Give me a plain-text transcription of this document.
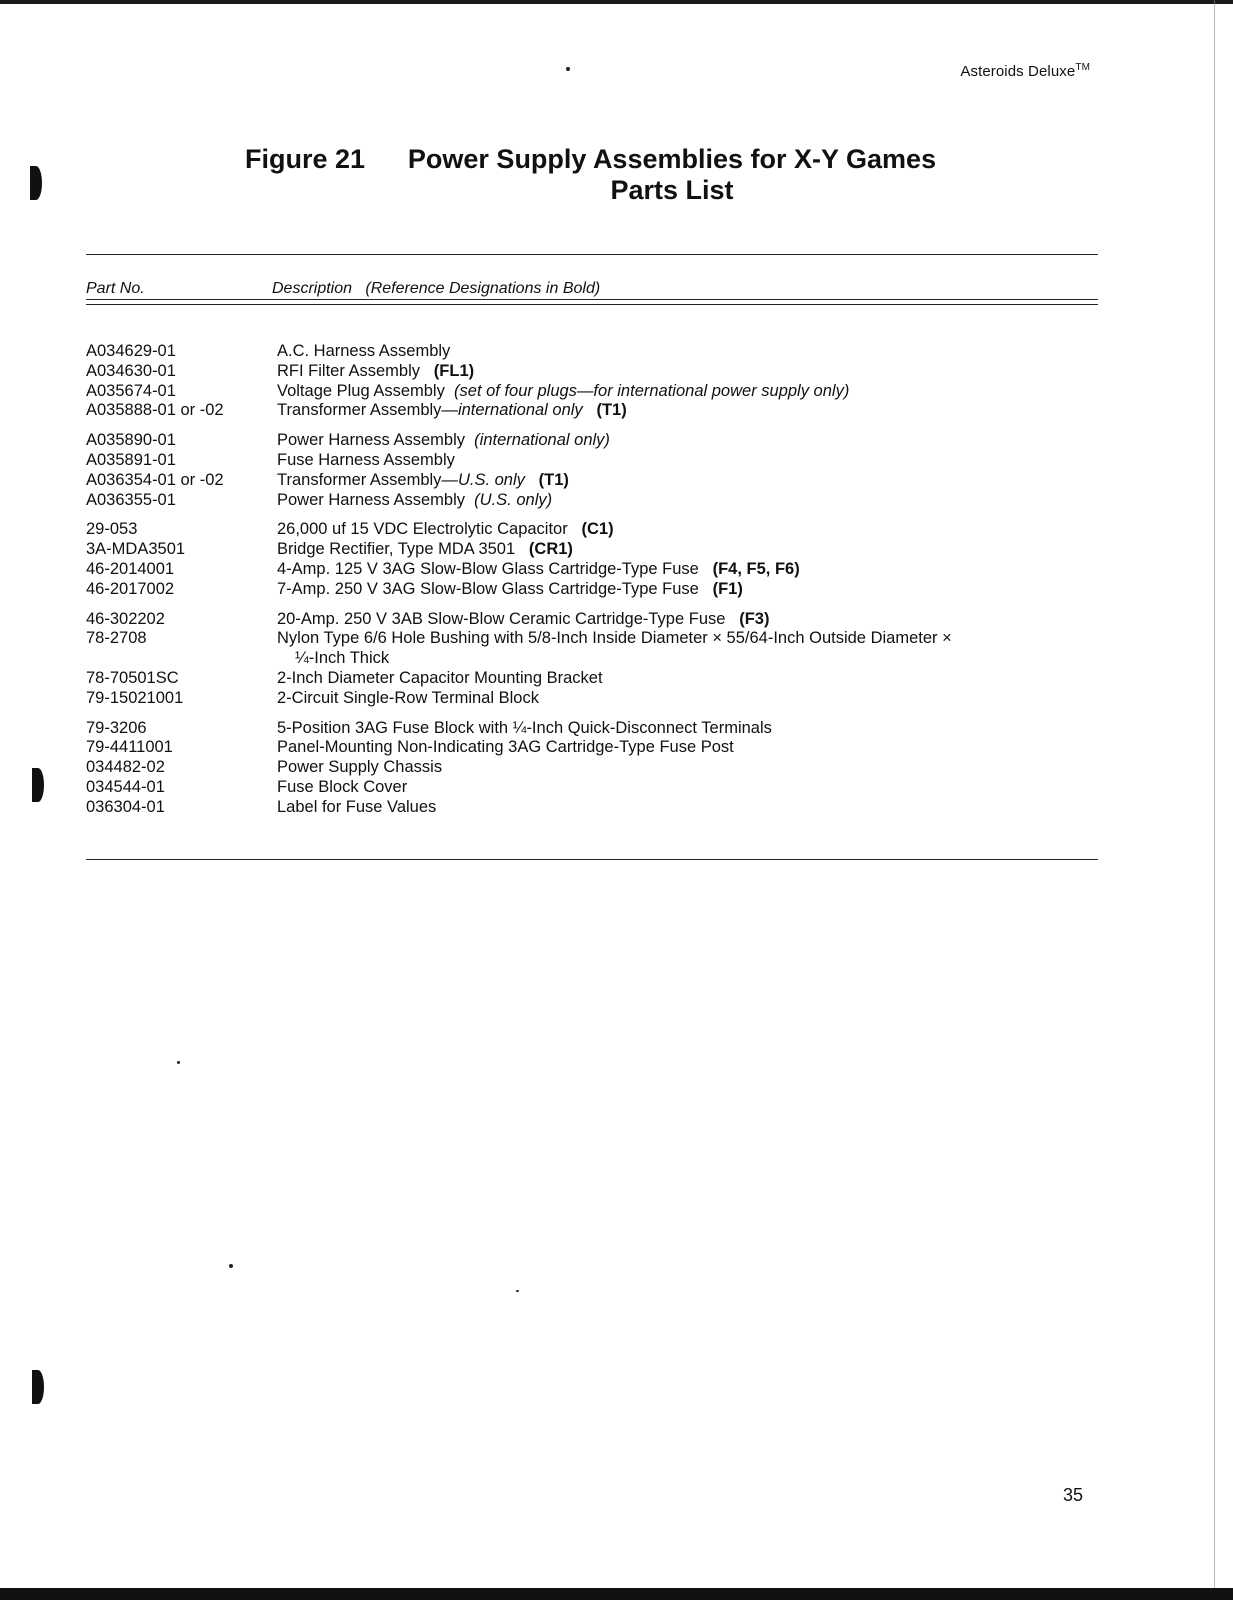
Asteroids Deluxe™
Figure 21 Power Supply Assemblies for X-Y Games
Parts List
Part No.	Description (Reference Designations in Bold)
A034629-01	A.C. Harness Assembly
A034630-01	RFI Filter Assembly (FL1)
A035674-01	Voltage Plug Assembly (set of four plugs—for international power supply only)
A035888-01 or -02	Transformer Assembly—international only (T1)
A035890-01	Power Harness Assembly (international only)
A035891-01	Fuse Harness Assembly
A036354-01 or -02	Transformer Assembly—U.S. only (T1)
A036355-01	Power Harness Assembly (U.S. only)
29-053	26,000 uf 15 VDC Electrolytic Capacitor (C1)
3A-MDA3501	Bridge Rectifier, Type MDA 3501 (CR1)
46-2014001	4-Amp. 125 V 3AG Slow-Blow Glass Cartridge-Type Fuse (F4, F5, F6)
46-2017002	7-Amp. 250 V 3AG Slow-Blow Glass Cartridge-Type Fuse (F1)
46-302202	20-Amp. 250 V 3AB Slow-Blow Ceramic Cartridge-Type Fuse (F3)
78-2708	Nylon Type 6/6 Hole Bushing with 5/8-Inch Inside Diameter × 55/64-Inch Outside Diameter ×
¼-Inch Thick
78-70501SC	2-Inch Diameter Capacitor Mounting Bracket
79-15021001	2-Circuit Single-Row Terminal Block
79-3206	5-Position 3AG Fuse Block with ¼-Inch Quick-Disconnect Terminals
79-4411001	Panel-Mounting Non-Indicating 3AG Cartridge-Type Fuse Post
034482-02	Power Supply Chassis
034544-01	Fuse Block Cover
036304-01	Label for Fuse Values
35
